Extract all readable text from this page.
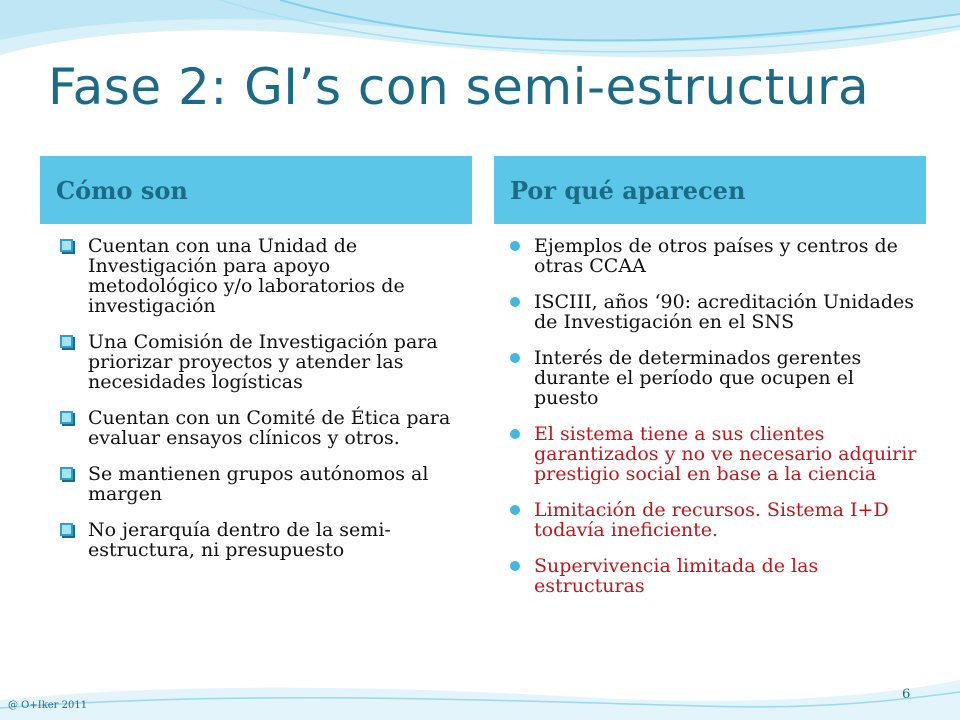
Fase 2: GI’s con semi-estructura
Cómo son	Por qué aparecen
Cuentan con una Unidad de Investigación para apoyo metodológico y/o laboratorios de investigación
Una Comisión de Investigación para priorizar proyectos y atender las necesidades logísticas
Cuentan con un Comité de Ética para evaluar ensayos clínicos y otros.
Se mantienen grupos autónomos al margen
No jerarquía dentro de la semi-estructura, ni presupuesto
Ejemplos de otros países y centros de otras CCAA
ISCIII, años ‘90: acreditación Unidades de Investigación en el SNS
Interés de determinados gerentes durante el período que ocupen el puesto
El sistema tiene a sus clientes garantizados y no ve necesario adquirir prestigio social en base a la ciencia
Limitación de recursos. Sistema I+D todavía ineficiente.
Supervivencia limitada de las estructuras
@ O+Iker 2011
6
